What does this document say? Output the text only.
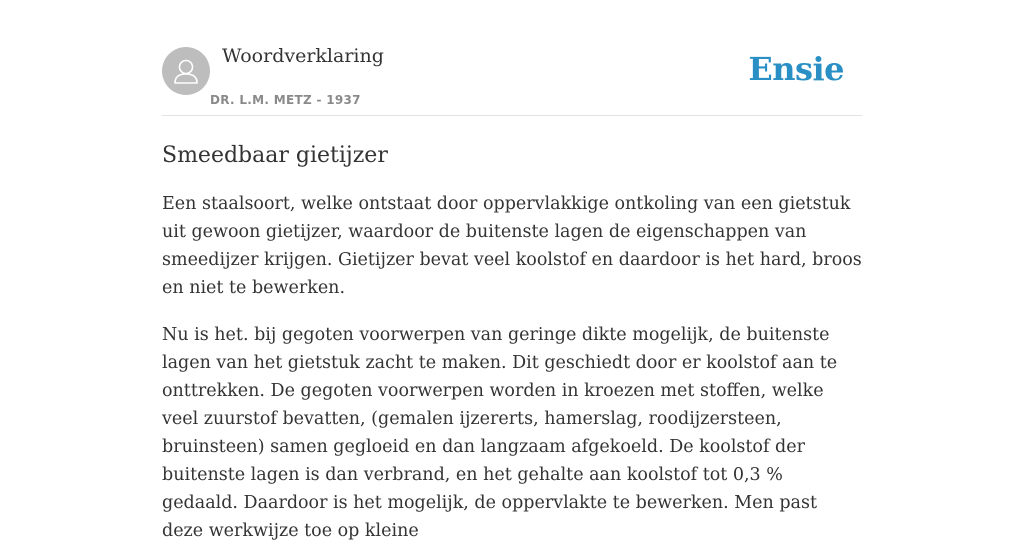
Woordverklaring
DR. L.M. METZ - 1937
Ensie
Smeedbaar gietijzer

Een staalsoort, welke ontstaat door oppervlakkige ontkoling van een gietstuk uit gewoon gietijzer, waardoor de buitenste lagen de eigenschappen van smeedijzer krijgen. Gietijzer bevat veel koolstof en daardoor is het hard, broos en niet te bewerken.

Nu is het. bij gegoten voorwerpen van geringe dikte mogelijk, de buitenste lagen van het gietstuk zacht te maken. Dit geschiedt door er koolstof aan te onttrekken. De gegoten voorwerpen worden in kroezen met stoffen, welke veel zuurstof bevatten, (gemalen ijzererts, hamerslag, roodijzersteen, bruinsteen) samen gegloeid en dan langzaam afgekoeld. De koolstof der buitenste lagen is dan verbrand, en het gehalte aan koolstof tot 0,3 % gedaald. Daardoor is het mogelijk, de oppervlakte te bewerken. Men past deze werkwijze toe op kleine
